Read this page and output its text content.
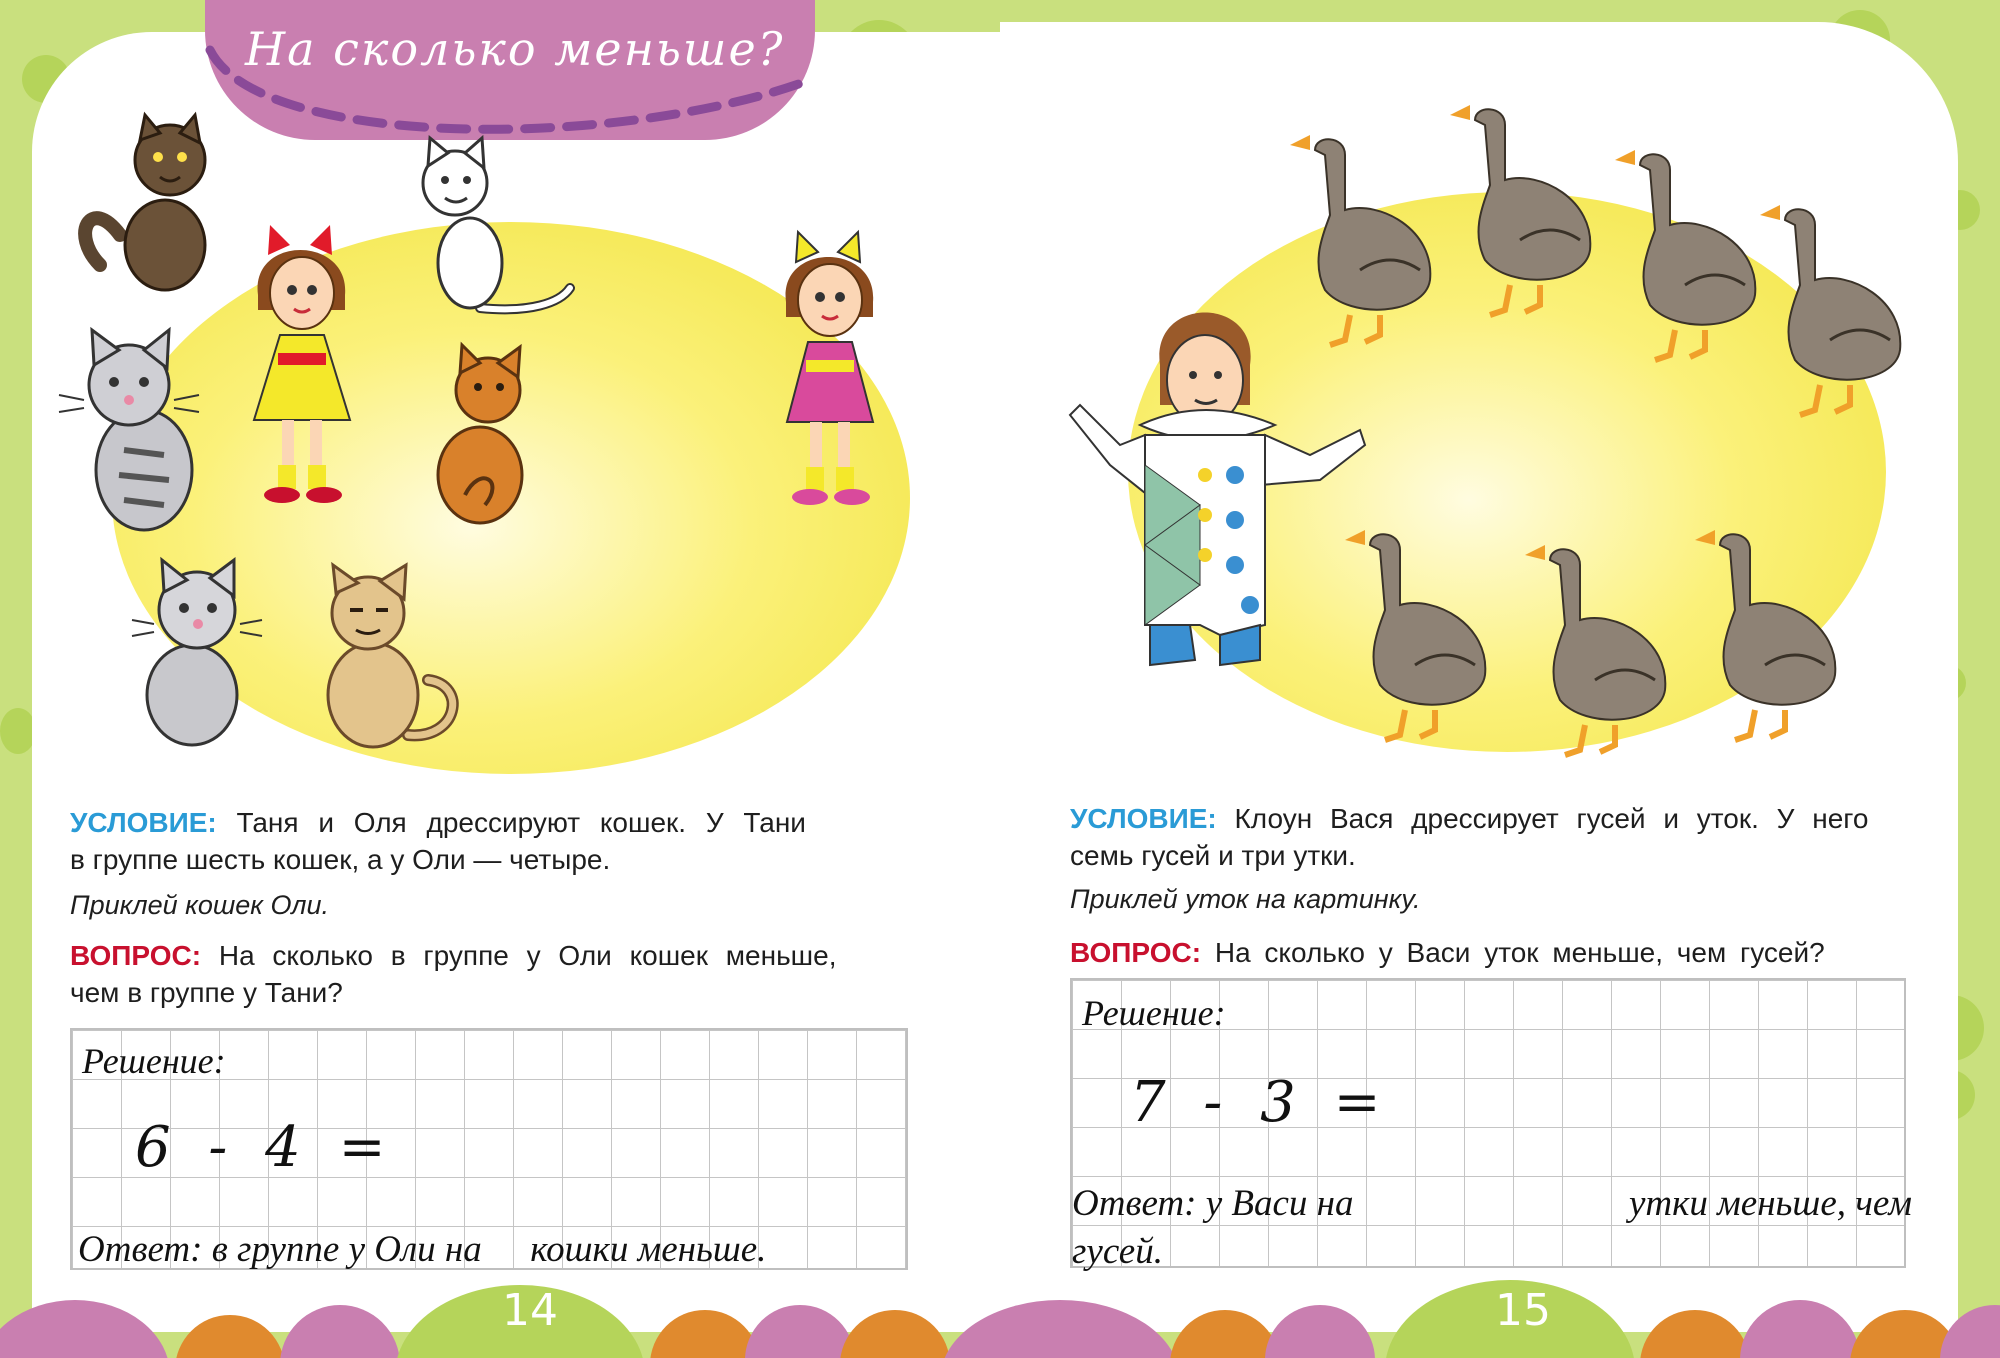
На сколько меньше?
УСЛОВИЕ: Таня и Оля дрессируют кошек. У Тани
в группе шесть кошек, а у Оли — четыре.
Приклей кошек Оли.
ВОПРОС: На сколько в группе у Оли кошек меньше,
чем в группе у Тани?
Решение:
6 - 4 =
Ответ: в группе у Оли на кошки меньше.
УСЛОВИЕ: Клоун Вася дрессирует гусей и уток. У него
семь гусей и три утки.
Приклей уток на картинку.
ВОПРОС: На сколько у Васи уток меньше, чем гусей?
Решение:
7 - 3 =
Ответ: у Васи на	утки меньше, чем
гусей.
14	15
